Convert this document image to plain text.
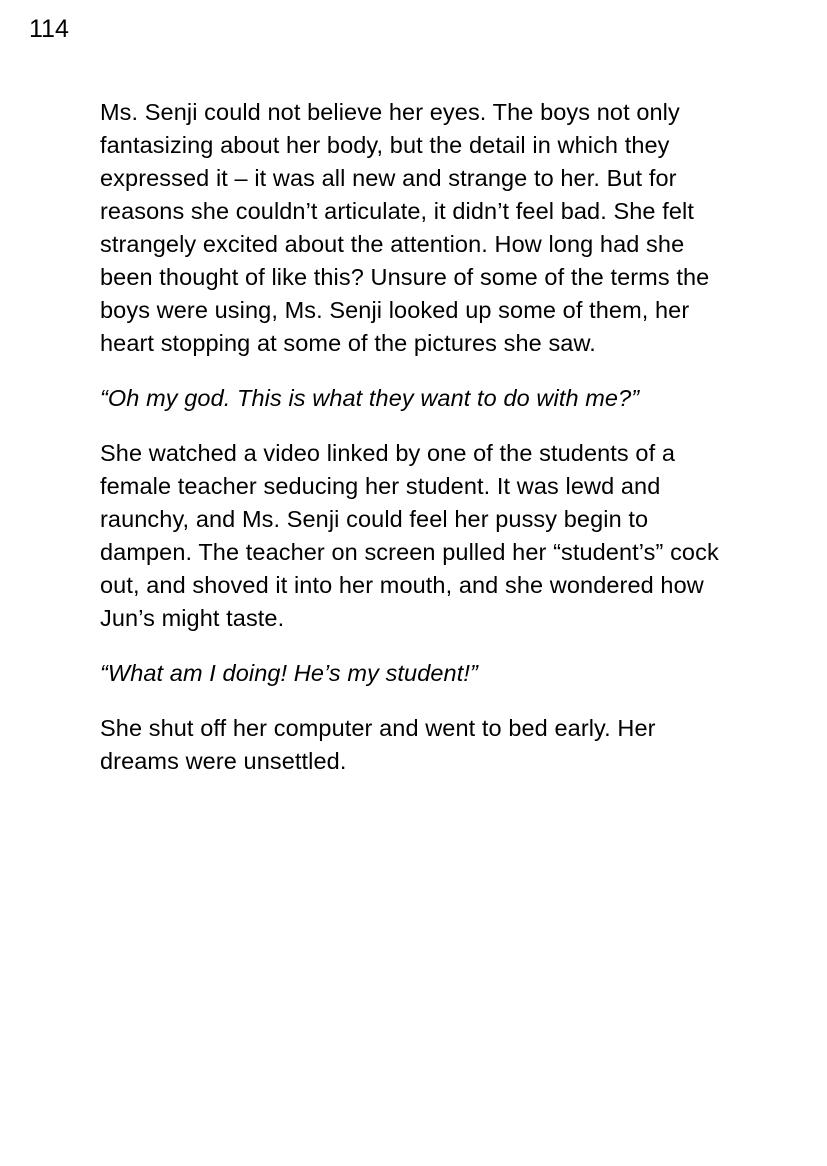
114

Ms. Senji could not believe her eyes. The boys not only fantasizing about her body, but the detail in which they expressed it – it was all new and strange to her. But for reasons she couldn’t articulate, it didn’t feel bad. She felt strangely excited about the attention. How long had she been thought of like this? Unsure of some of the terms the boys were using, Ms. Senji looked up some of them, her heart stopping at some of the pictures she saw.

“Oh my god. This is what they want to do with me?”

She watched a video linked by one of the students of a female teacher seducing her student. It was lewd and raunchy, and Ms. Senji could feel her pussy begin to dampen. The teacher on screen pulled her “student’s” cock out, and shoved it into her mouth, and she wondered how Jun’s might taste.

“What am I doing! He’s my student!”

She shut off her computer and went to bed early. Her dreams were unsettled.
